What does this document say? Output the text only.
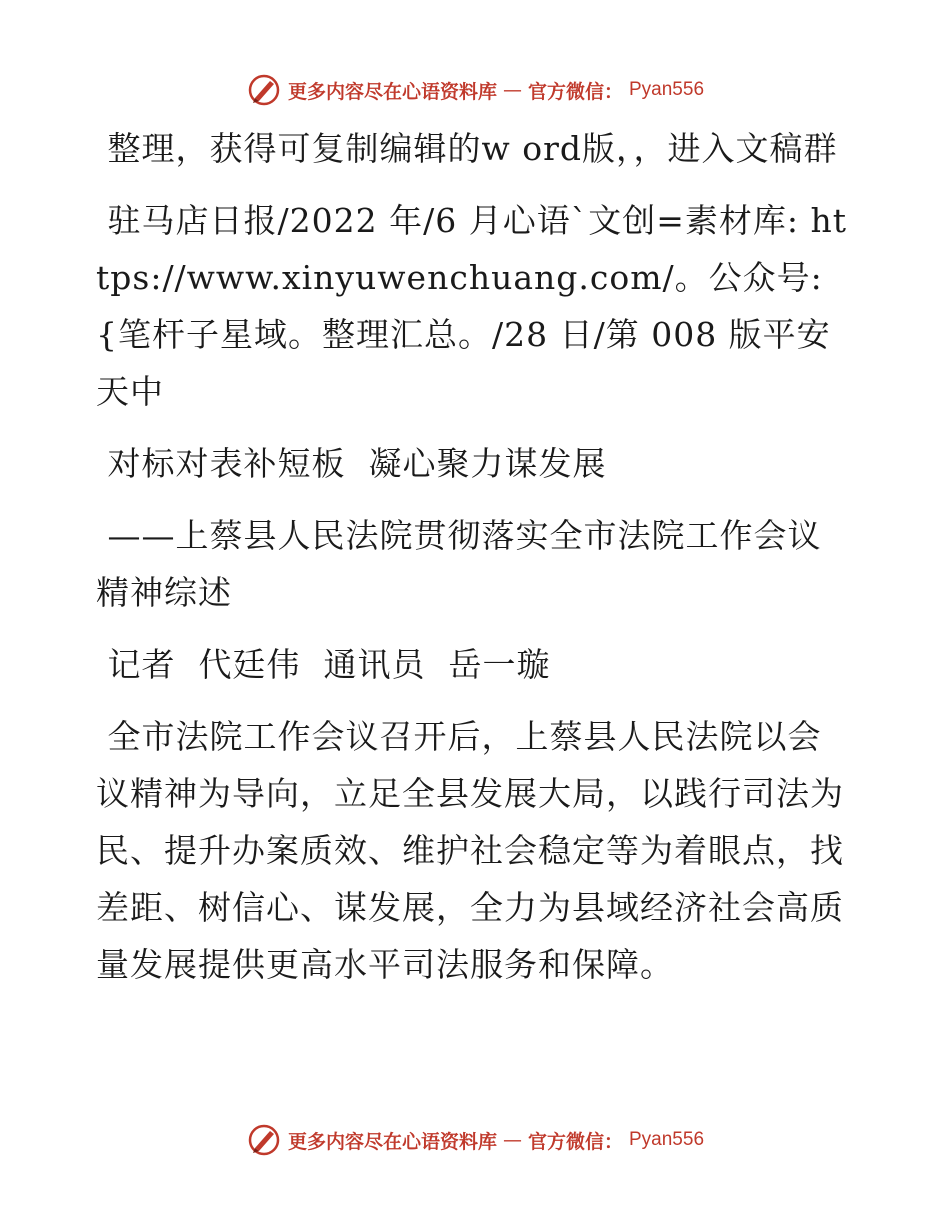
更多内容尽在心语资料库 — 官方微信： Pyan556

整理，获得可复制编辑的w ord版，，进入文稿群

驻马店日报/2022 年/6 月心语`文创=素材库: https://www.xinyuwenchuang.com/。公众号: {笔杆子星域。整理汇总。/28 日/第 008 版平安天中

对标对表补短板  凝心聚力谋发展

——上蔡县人民法院贯彻落实全市法院工作会议精神综述

记者  代廷伟  通讯员  岳一璇

全市法院工作会议召开后，上蔡县人民法院以会议精神为导向，立足全县发展大局，以践行司法为民、提升办案质效、维护社会稳定等为着眼点，找差距、树信心、谋发展，全力为县域经济社会高质量发展提供更高水平司法服务和保障。

更多内容尽在心语资料库 — 官方微信： Pyan556
